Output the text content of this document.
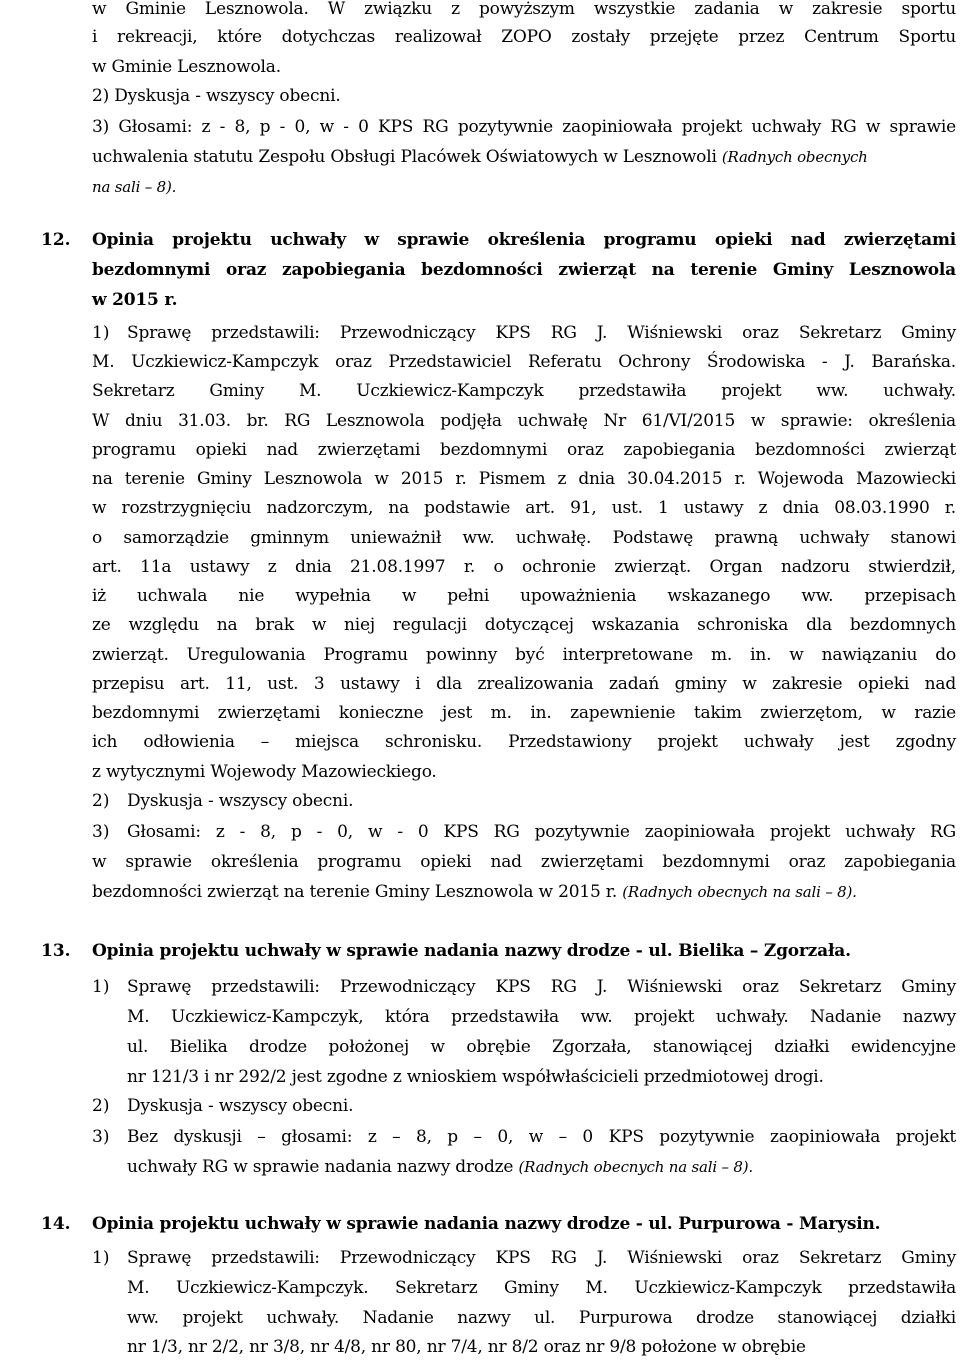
w Gminie Lesznowola. W związku z powyższym wszystkie zadania w zakresie sportu
i rekreacji, które dotychczas realizował ZOPO zostały przejęte przez Centrum Sportu
w Gminie Lesznowola.
2) Dyskusja - wszyscy obecni.
3) Głosami: z - 8, p - 0, w - 0 KPS RG pozytywnie zaopiniowała projekt uchwały RG w sprawie
uchwalenia statutu Zespołu Obsługi Placówek Oświatowych w Lesznowoli (Radnych obecnych
na sali – 8).
12. Opinia projektu uchwały w sprawie określenia programu opieki nad zwierzętami
bezdomnymi oraz zapobiegania bezdomności zwierząt na terenie Gminy Lesznowola
w 2015 r.
1) Sprawę przedstawili: Przewodniczący KPS RG J. Wiśniewski oraz Sekretarz Gminy
M. Uczkiewicz-Kampczyk oraz Przedstawiciel Referatu Ochrony Środowiska - J. Barańska.
Sekretarz Gminy M. Uczkiewicz-Kampczyk przedstawiła projekt ww. uchwały.
W dniu 31.03. br. RG Lesznowola podjęła uchwałę Nr 61/VI/2015 w sprawie: określenia
programu opieki nad zwierzętami bezdomnymi oraz zapobiegania bezdomności zwierząt
na terenie Gminy Lesznowola w 2015 r. Pismem z dnia 30.04.2015 r. Wojewoda Mazowiecki
w rozstrzygnięciu nadzorczym, na podstawie art. 91, ust. 1 ustawy z dnia 08.03.1990 r.
o samorządzie gminnym unieważnił ww. uchwałę. Podstawę prawną uchwały stanowi
art. 11a ustawy z dnia 21.08.1997 r. o ochronie zwierząt. Organ nadzoru stwierdził,
iż uchwala nie wypełnia w pełni upoważnienia wskazanego ww. przepisach
ze względu na brak w niej regulacji dotyczącej wskazania schroniska dla bezdomnych
zwierząt. Uregulowania Programu powinny być interpretowane m. in. w nawiązaniu do
przepisu art. 11, ust. 3 ustawy i dla zrealizowania zadań gminy w zakresie opieki nad
bezdomnymi zwierzętami konieczne jest m. in. zapewnienie takim zwierzętom, w razie
ich odłowienia – miejsca schronisku. Przedstawiony projekt uchwały jest zgodny
z wytycznymi Wojewody Mazowieckiego.
2) Dyskusja - wszyscy obecni.
3) Głosami: z - 8, p - 0, w - 0 KPS RG pozytywnie zaopiniowała projekt uchwały RG
w sprawie określenia programu opieki nad zwierzętami bezdomnymi oraz zapobiegania
bezdomności zwierząt na terenie Gminy Lesznowola w 2015 r. (Radnych obecnych na sali – 8).
13. Opinia projektu uchwały w sprawie nadania nazwy drodze - ul. Bielika – Zgorzała.
1) Sprawę przedstawili: Przewodniczący KPS RG J. Wiśniewski oraz Sekretarz Gminy
M. Uczkiewicz-Kampczyk, która przedstawiła ww. projekt uchwały. Nadanie nazwy
ul. Bielika drodze położonej w obrębie Zgorzała, stanowiącej działki ewidencyjne
nr 121/3 i nr 292/2 jest zgodne z wnioskiem współwłaścicieli przedmiotowej drogi.
2) Dyskusja - wszyscy obecni.
3) Bez dyskusji – głosami: z – 8, p – 0, w – 0 KPS pozytywnie zaopiniowała projekt
uchwały RG w sprawie nadania nazwy drodze (Radnych obecnych na sali – 8).
14. Opinia projektu uchwały w sprawie nadania nazwy drodze - ul. Purpurowa - Marysin.
1) Sprawę przedstawili: Przewodniczący KPS RG J. Wiśniewski oraz Sekretarz Gminy
M. Uczkiewicz-Kampczyk. Sekretarz Gminy M. Uczkiewicz-Kampczyk przedstawiła
ww. projekt uchwały. Nadanie nazwy ul. Purpurowa drodze stanowiącej działki
nr 1/3, nr 2/2, nr 3/8, nr 4/8, nr 80, nr 7/4, nr 8/2 oraz nr 9/8 położone w obrębie
